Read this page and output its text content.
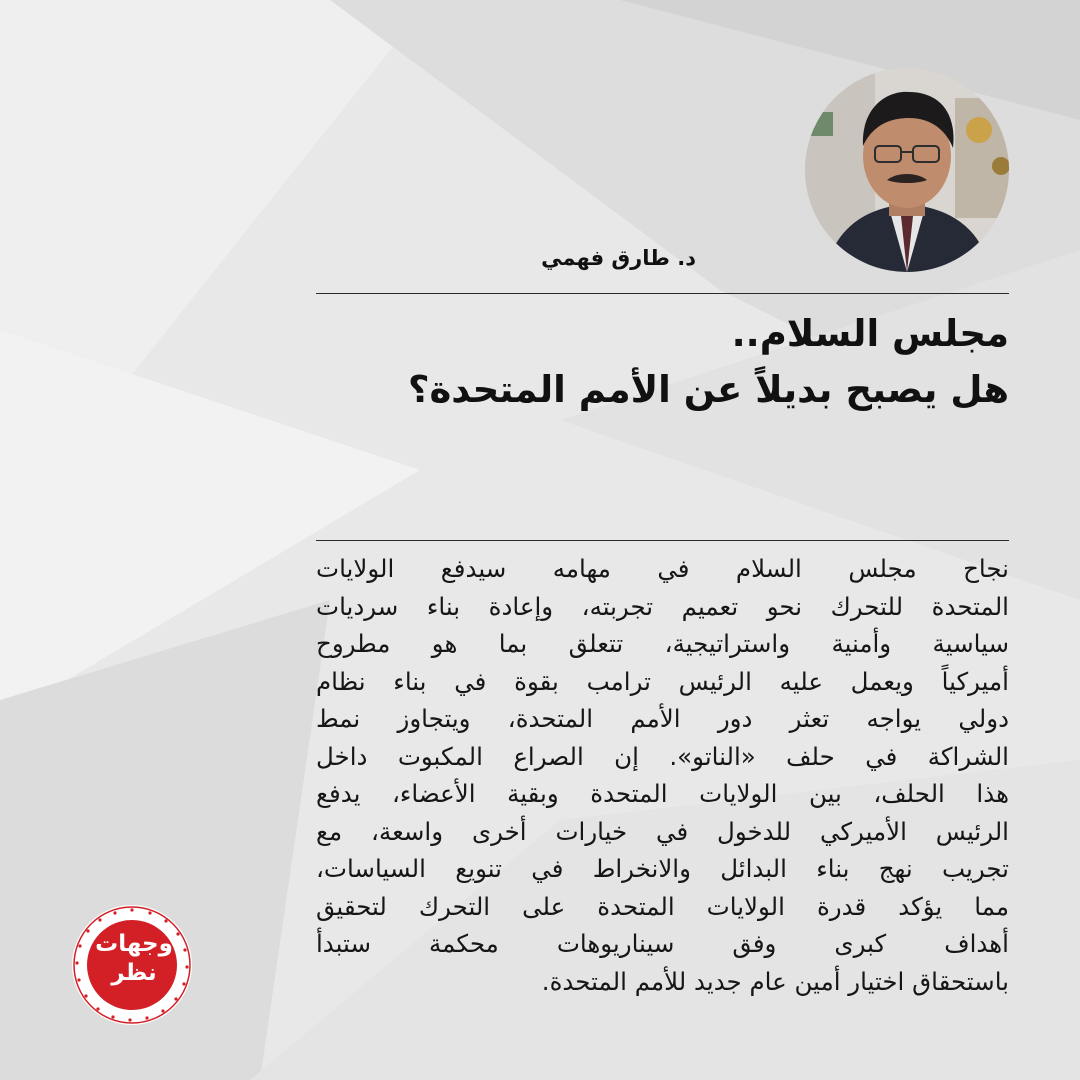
د. طارق فهمي
مجلس السلام..
هل يصبح بديلاً عن الأمم المتحدة؟
نجاح مجلس السلام في مهامه سيدفع الولايات
المتحدة للتحرك نحو تعميم تجربته، وإعادة بناء سرديات
سياسية وأمنية واستراتيجية، تتعلق بما هو مطروح
أميركياً ويعمل عليه الرئيس ترامب بقوة في بناء نظام
دولي يواجه تعثر دور الأمم المتحدة، ويتجاوز نمط
الشراكة في حلف «الناتو». إن الصراع المكبوت داخل
هذا الحلف، بين الولايات المتحدة وبقية الأعضاء، يدفع
الرئيس الأميركي للدخول في خيارات أخرى واسعة، مع
تجريب نهج بناء البدائل والانخراط في تنويع السياسات،
مما يؤكد قدرة الولايات المتحدة على التحرك لتحقيق
أهداف كبرى وفق سيناريوهات محكمة ستبدأ
باستحقاق اختيار أمين عام جديد للأمم المتحدة.
وجهات
نظر
